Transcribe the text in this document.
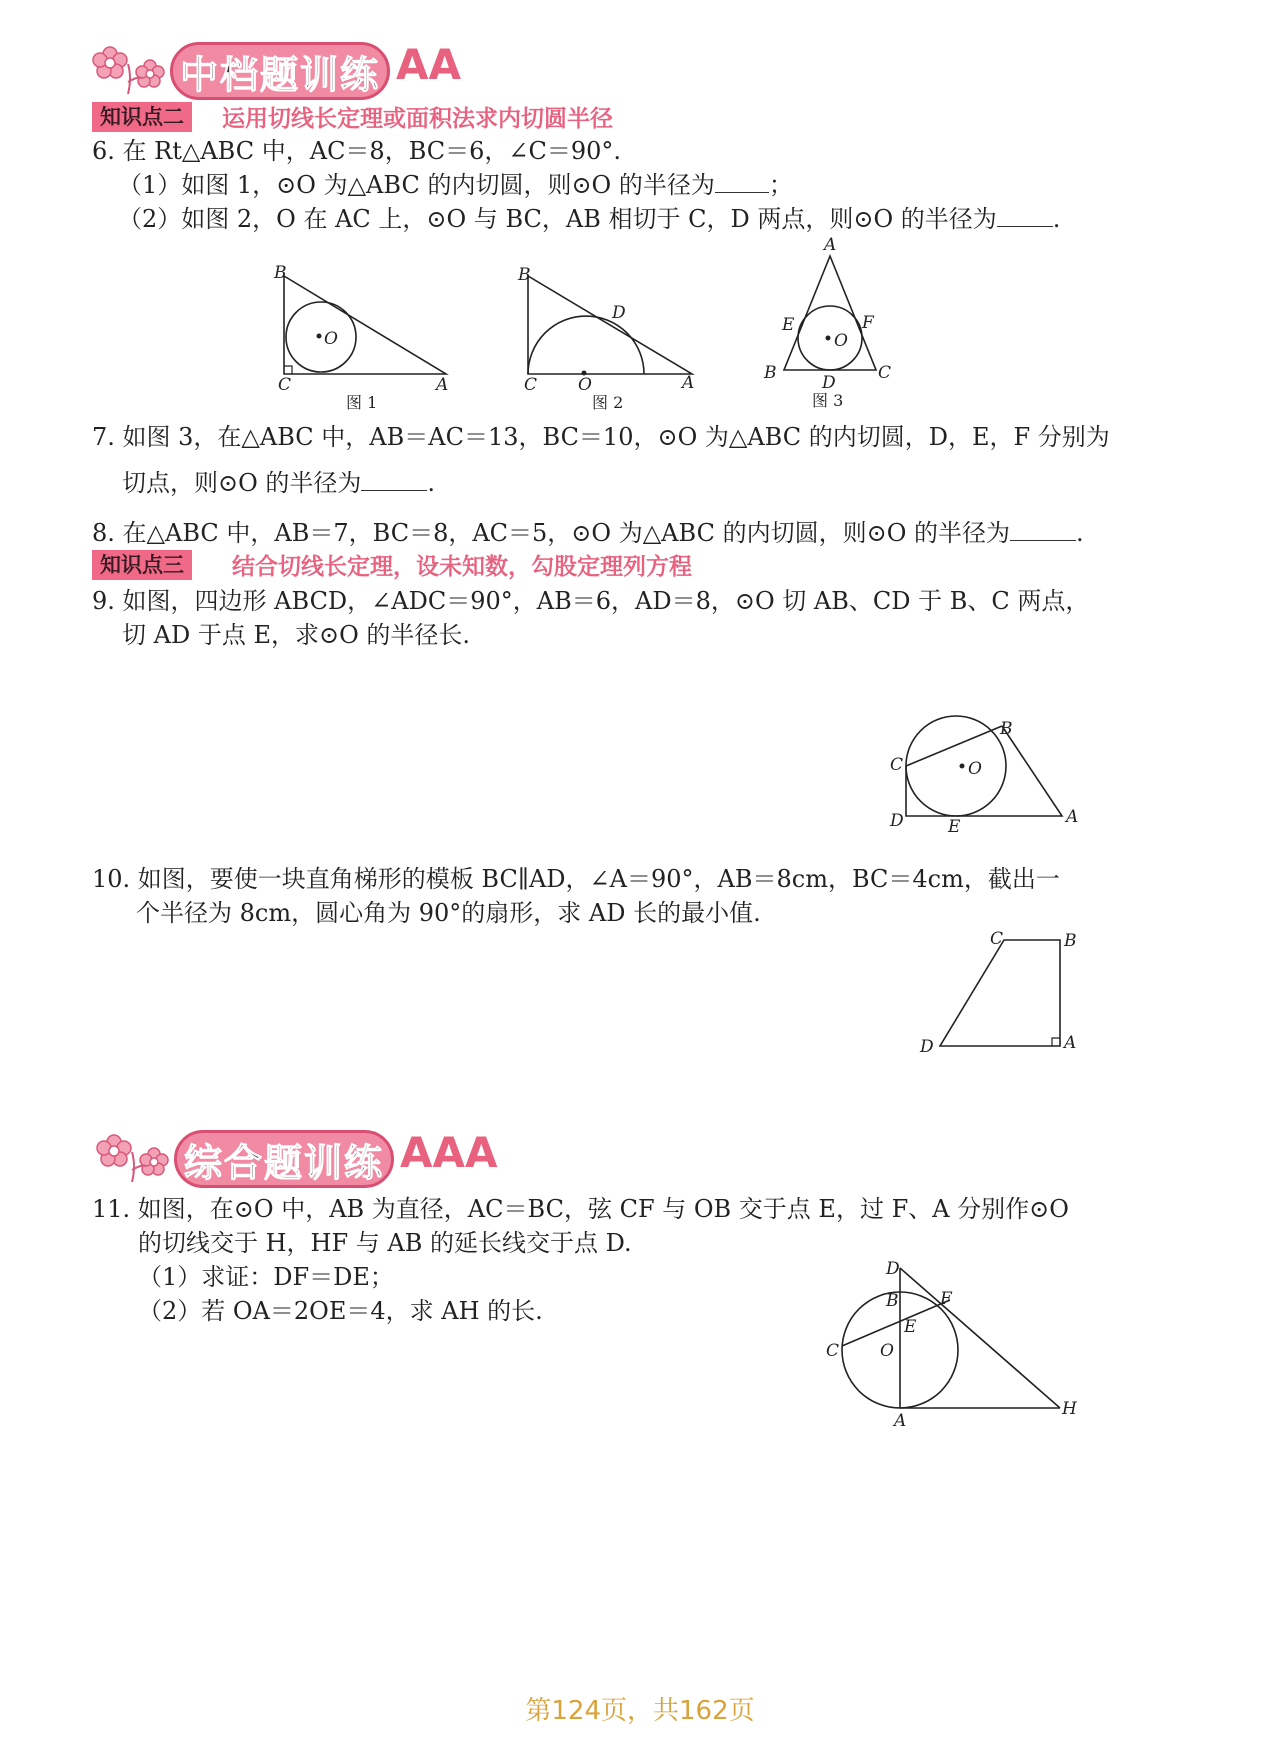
中档题训练 AA
知识点二	运用切线长定理或面积法求内切圆半径
6. 在 Rt△ABC 中，AC＝8，BC＝6，∠C＝90°.
（1）如图 1，⊙O 为△ABC 的内切圆，则⊙O 的半径为 ；
（2）如图 2，O 在 AC 上，⊙O 与 BC，AB 相切于 C，D 两点，则⊙O 的半径为 .
O
B
C	A
图 1
B
D
C O	A
图 2
O
A
E	F
B	D C
图 3
7. 如图 3，在△ABC 中，AB＝AC＝13，BC＝10，⊙O 为△ABC 的内切圆，D，E，F 分别为
切点，则⊙O 的半径为	.
8. 在△ABC 中，AB＝7，BC＝8，AC＝5，⊙O 为△ABC 的内切圆，则⊙O 的半径为	.
知识点三	结合切线长定理，设未知数，勾股定理列方程
9. 如图，四边形 ABCD，∠ADC＝90°，AB＝6，AD＝8，⊙O 切 AB、CD 于 B、C 两点，
切 AD 于点 E，求⊙O 的半径长.
O
B
C
D	E	A
10. 如图，要使一块直角梯形的模板 BC∥AD，∠A＝90°，AB＝8cm，BC＝4cm，截出一
个半径为 8cm，圆心角为 90°的扇形，求 AD 长的最小值.
C	B
D	A
综合题训练 AAA
11. 如图，在⊙O 中，AB 为直径，AC＝BC，弦 CF 与 OB 交于点 E，过 F、A 分别作⊙O
的切线交于 H，HF 与 AB 的延长线交于点 D.
（1）求证：DF＝DE；
（2）若 OA＝2OE＝4，求 AH 的长.
D
B F
E
C O
A
H
第124页，共162页
